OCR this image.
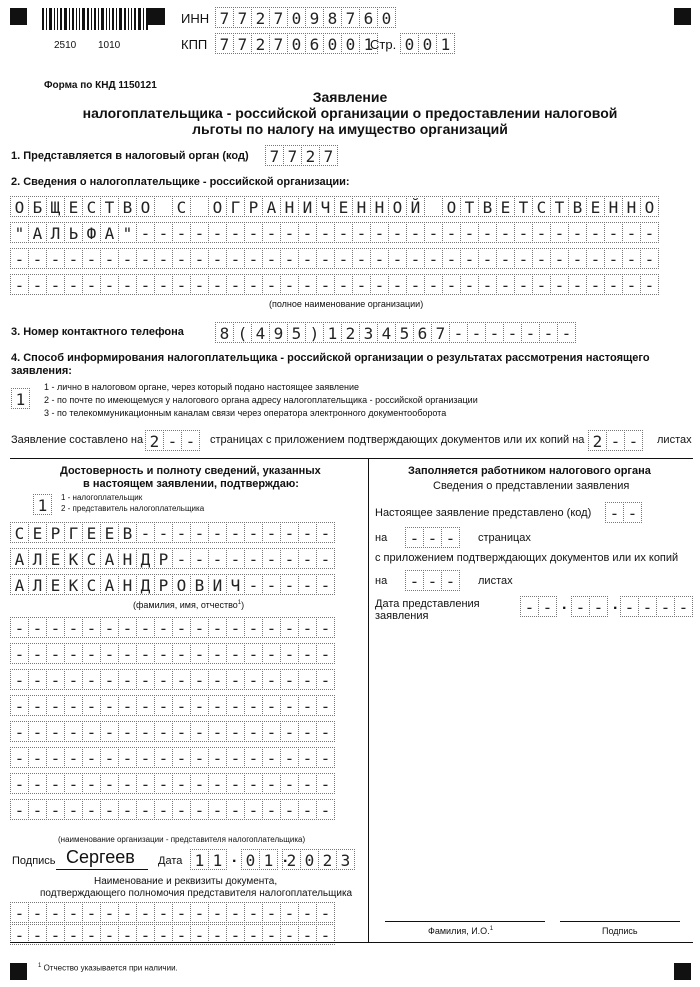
2510 1010
ИНН 7 7 2 7 0 9 8 7 6 0
КПП 7 7 2 7 0 6 0 0 1
Стр. 0 0 1
Форма по КНД 1150121
Заявление
налогоплательщика - российской организации о предоставлении налоговой
льготы по налогу на имущество организаций
1. Представляется в налоговый орган (код) 7 7 2 7
2. Сведения о налогоплательщике - российской организации:
О Б Щ Е С Т В О С О Г Р А Н И Ч Е Н Н О Й О Т В Е Т С Т В Е Н Н О
" А Л Ь Ф А " - - - - - - - - - - - - - - - - - - - - - - - - - - - - -
- - - - - - - - - - - - - - - - - - - - - - - - - - - - - - - - - - - -
- - - - - - - - - - - - - - - - - - - - - - - - - - - - - - - - - - - -
(полное наименование организации)
3. Номер контактного телефона 8 ( 4 9 5 ) 1 2 3 4 5 6 7 - - - - - - -
4. Способ информирования налогоплательщика - российской организации о результатах рассмотрения настоящего
заявления:
1
1 - лично в налоговом органе, через который подано настоящее заявление
2 - по почте по имеющемуся у налогового органа адресу налогоплательщика - российской организации
3 - по телекоммуникационным каналам связи через оператора электронного документооборота
Заявление составлено на 2 - -	страницах с приложением подтверждающих документов или их копий на 2 - -	листах
Достоверность и полноту сведений, указанных
в настоящем заявлении, подтверждаю:
1	1 - налогоплательщик
2 - представитель налогоплательщика
С Е Р Г Е Е В - - - - - - - - - - -
А Л Е К С А Н Д Р - - - - - - - - -
А Л Е К С А Н Д Р О В И Ч - - - - -
(фамилия, имя, отчество$^1$)
- - - - - - - - - - - - - - - - - -
- - - - - - - - - - - - - - - - - -
- - - - - - - - - - - - - - - - - -
- - - - - - - - - - - - - - - - - -
- - - - - - - - - - - - - - - - - -
- - - - - - - - - - - - - - - - - -
- - - - - - - - - - - - - - - - - -
- - - - - - - - - - - - - - - - - -
(наименование организации - представителя налогоплательщика)
Подпись Сергеев Дата 1 1 . 0 1 . 2 0 2 3
Наименование и реквизиты документа,
подтверждающего полномочия представителя налогоплательщика
- - - - - - - - - - - - - - - - - -
- - - - - - - - - - - - - - - - - -
Заполняется работником налогового органа
Сведения о представлении заявления
Настоящее заявление представлено (код) - -
на - - -	страницах
с приложением подтверждающих документов или их копий
на - - -	листах
Дата представления
заявления	- - . - - . - - - -
Фамилия, И.О.$^1$	Подпись
$^1$ Отчество указывается при наличии.
